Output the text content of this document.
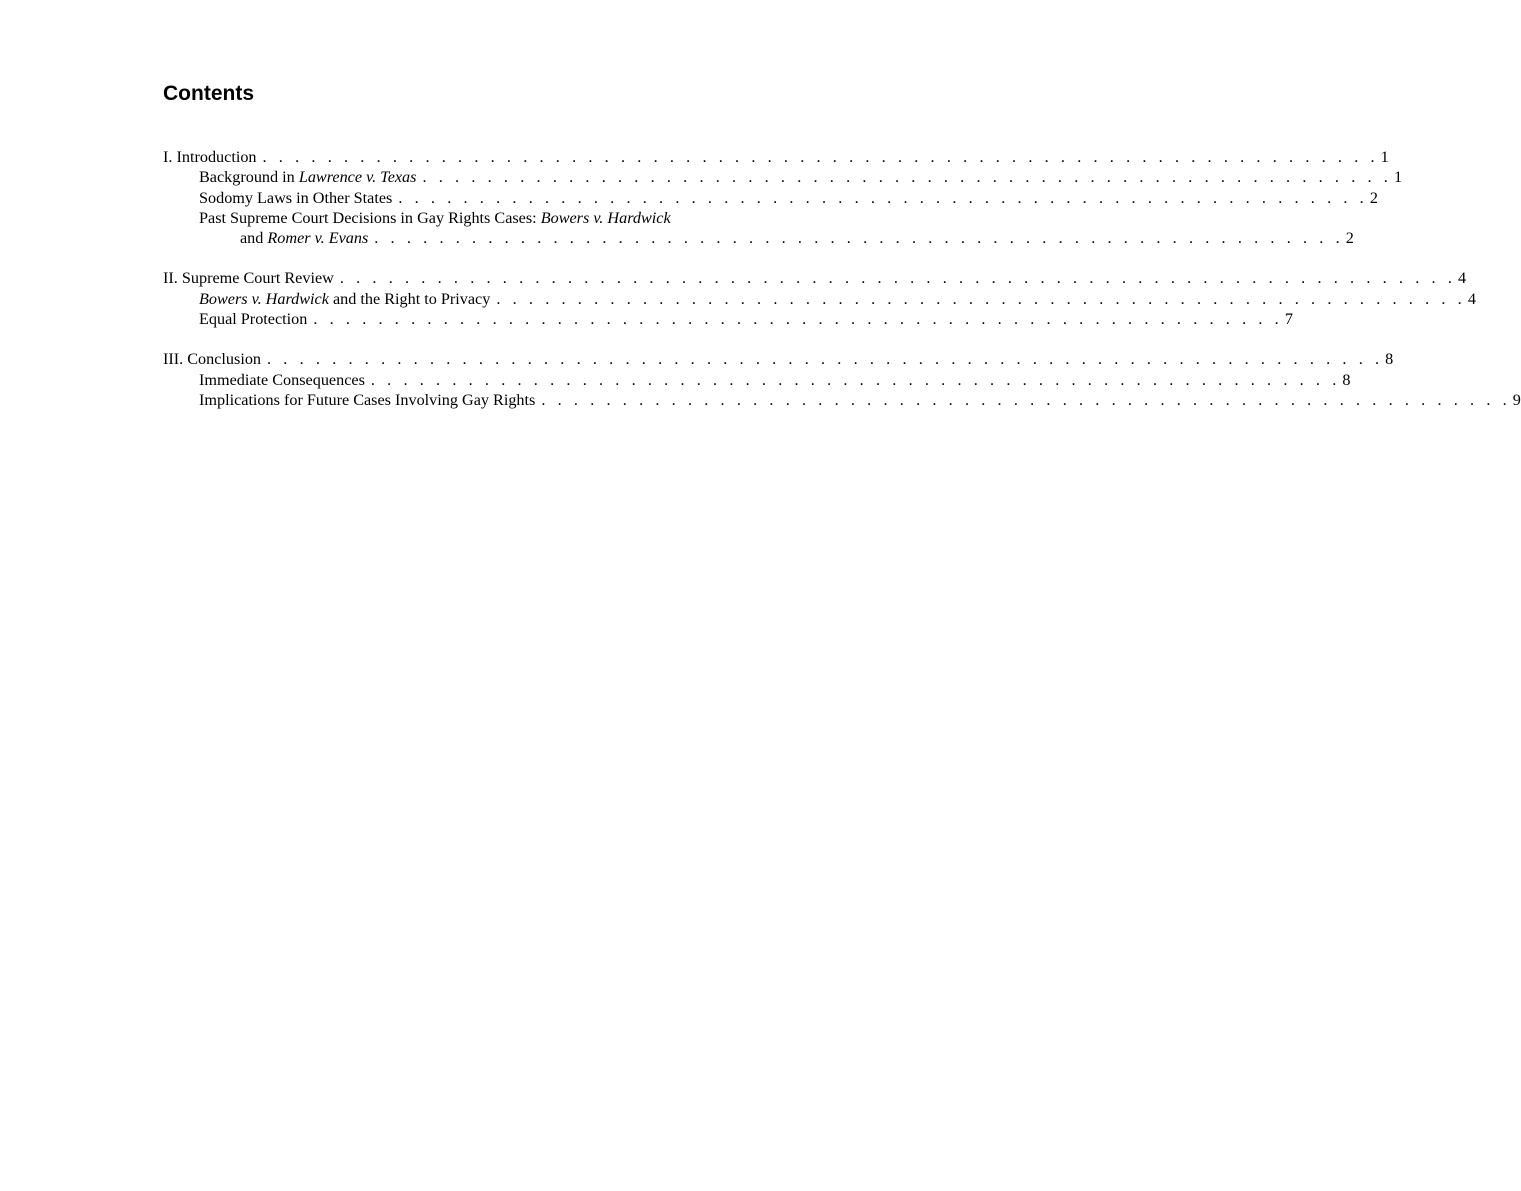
Contents
I. Introduction . . . . . . . . . . . . . . . . . . . . . . . . . . . . . . . . . . . . . . . . . . . . . . . . . . . . . . . . . . . . . . . . . . . . . 1
Background in Lawrence v. Texas . . . . . . . . . . . . . . . . . . . . . . . . . . . . . . . . . . . . . . . . . . . . . . . . . . . . . . . . . . . . 1
Sodomy Laws in Other States . . . . . . . . . . . . . . . . . . . . . . . . . . . . . . . . . . . . . . . . . . . . . . . . . . . . . . . . . . . . 2
Past Supreme Court Decisions in Gay Rights Cases: Bowers v. Hardwick
and Romer v. Evans . . . . . . . . . . . . . . . . . . . . . . . . . . . . . . . . . . . . . . . . . . . . . . . . . . . . . . . . . . . . 2
II. Supreme Court Review . . . . . . . . . . . . . . . . . . . . . . . . . . . . . . . . . . . . . . . . . . . . . . . . . . . . . . . . . . . . . . . . . . . . . 4
Bowers v. Hardwick and the Right to Privacy . . . . . . . . . . . . . . . . . . . . . . . . . . . . . . . . . . . . . . . . . . . . . . . . . . . . . . . . . . . . 4
Equal Protection . . . . . . . . . . . . . . . . . . . . . . . . . . . . . . . . . . . . . . . . . . . . . . . . . . . . . . . . . . . . 7
III. Conclusion . . . . . . . . . . . . . . . . . . . . . . . . . . . . . . . . . . . . . . . . . . . . . . . . . . . . . . . . . . . . . . . . . . . . . 8
Immediate Consequences . . . . . . . . . . . . . . . . . . . . . . . . . . . . . . . . . . . . . . . . . . . . . . . . . . . . . . . . . . . . 8
Implications for Future Cases Involving Gay Rights . . . . . . . . . . . . . . . . . . . . . . . . . . . . . . . . . . . . . . . . . . . . . . . . . . . . . . . . . . . . 9
